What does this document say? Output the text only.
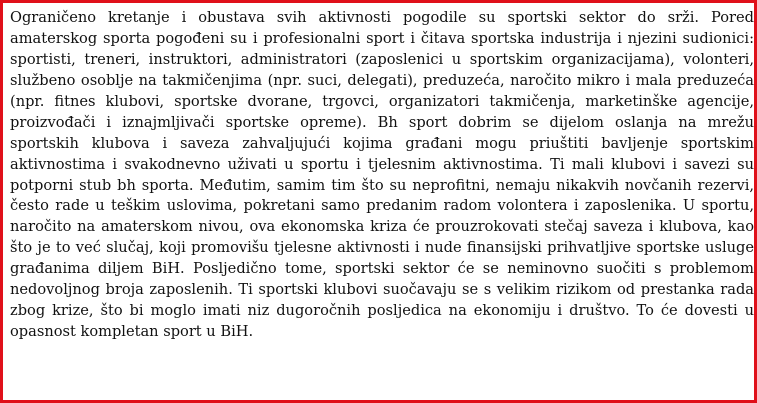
Ograničeno kretanje i obustava svih aktivnosti pogodile su sportski sektor do srži. Pored
amaterskog sporta pogođeni su i profesionalni sport i čitava sportska industrija i njezini sudionici:
sportisti, treneri, instruktori, administratori (zaposlenici u sportskim organizacijama), volonteri,
službeno osoblje na takmičenjima (npr. suci, delegati), preduzeća, naročito mikro i mala preduzeća
(npr. fitnes klubovi, sportske dvorane, trgovci, organizatori takmičenja, marketinške agencije,
proizvođači i iznajmljivači sportske opreme). Bh sport dobrim se dijelom oslanja na mrežu
sportskih klubova i saveza zahvaljujući kojima građani mogu priuštiti bavljenje sportskim
aktivnostima i svakodnevno uživati u sportu i tjelesnim aktivnostima. Ti mali klubovi i savezi su
potporni stub bh sporta. Međutim, samim tim što su neprofitni, nemaju nikakvih novčanih rezervi,
često rade u teškim uslovima, pokretani samo predanim radom volontera i zaposlenika. U sportu,
naročito na amaterskom nivou, ova ekonomska kriza će prouzrokovati stečaj saveza i klubova, kao
što je to već slučaj, koji promovišu tjelesne aktivnosti i nude finansijski prihvatljive sportske usluge
građanima diljem BiH. Posljedično tome, sportski sektor će se neminovno suočiti s problemom
nedovoljnog broja zaposlenih. Ti sportski klubovi suočavaju se s velikim rizikom od prestanka rada
zbog krize, što bi moglo imati niz dugoročnih posljedica na ekonomiju i društvo. To će dovesti u
opasnost kompletan sport u BiH.
